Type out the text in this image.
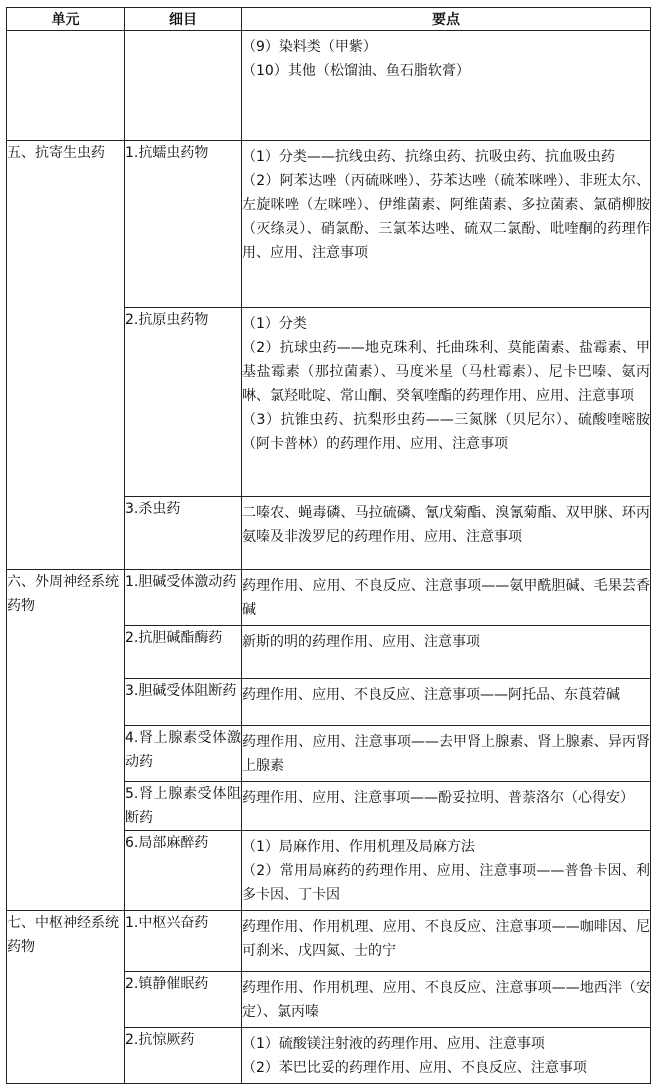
单元	细目	要点

		（9）染料类（甲紫）
（10）其他（松馏油、鱼石脂软膏）

五、抗寄生虫药	1.抗蠕虫药物	（1）分类——抗线虫药、抗绦虫药、抗吸虫药、抗血吸虫药
（2）阿苯达唑（丙硫咪唑）、芬苯达唑（硫苯咪唑）、非班太尔、左旋咪唑（左咪唑）、伊维菌素、阿维菌素、多拉菌素、氯硝柳胺（灭绦灵）、硝氯酚、三氯苯达唑、硫双二氯酚、吡喹酮的药理作用、应用、注意事项

	2.抗原虫药物	（1）分类
（2）抗球虫药——地克珠利、托曲珠利、莫能菌素、盐霉素、甲基盐霉素（那拉菌素）、马度米星（马杜霉素）、尼卡巴嗪、氨丙啉、氯羟吡啶、常山酮、癸氧喹酯的药理作用、应用、注意事项
（3）抗锥虫药、抗梨形虫药——三氮脒（贝尼尔）、硫酸喹嘧胺（阿卡普林）的药理作用、应用、注意事项

	3.杀虫药	二嗪农、蝇毒磷、马拉硫磷、氰戊菊酯、溴氰菊酯、双甲脒、环丙氨嗪及非泼罗尼的药理作用、应用、注意事项

六、外周神经系统药物	1.胆碱受体激动药	药理作用、应用、不良反应、注意事项——氨甲酰胆碱、毛果芸香碱

	2.抗胆碱酯酶药	新斯的明的药理作用、应用、注意事项

	3.胆碱受体阻断药	药理作用、应用、不良反应、注意事项——阿托品、东莨菪碱

	4.肾上腺素受体激动药	药理作用、应用、注意事项——去甲肾上腺素、肾上腺素、异丙肾上腺素

	5.肾上腺素受体阻断药	药理作用、应用、注意事项——酚妥拉明、普萘洛尔（心得安）

	6.局部麻醉药	（1）局麻作用、作用机理及局麻方法
（2）常用局麻药的药理作用、应用、注意事项——普鲁卡因、利多卡因、丁卡因

七、中枢神经系统药物	1.中枢兴奋药	药理作用、作用机理、应用、不良反应、注意事项——咖啡因、尼可刹米、戊四氮、士的宁

	2.镇静催眠药	药理作用、作用机理、应用、不良反应、注意事项——地西泮（安定）、氯丙嗪

	2.抗惊厥药	（1）硫酸镁注射液的药理作用、应用、注意事项
（2）苯巴比妥的药理作用、应用、不良反应、注意事项
